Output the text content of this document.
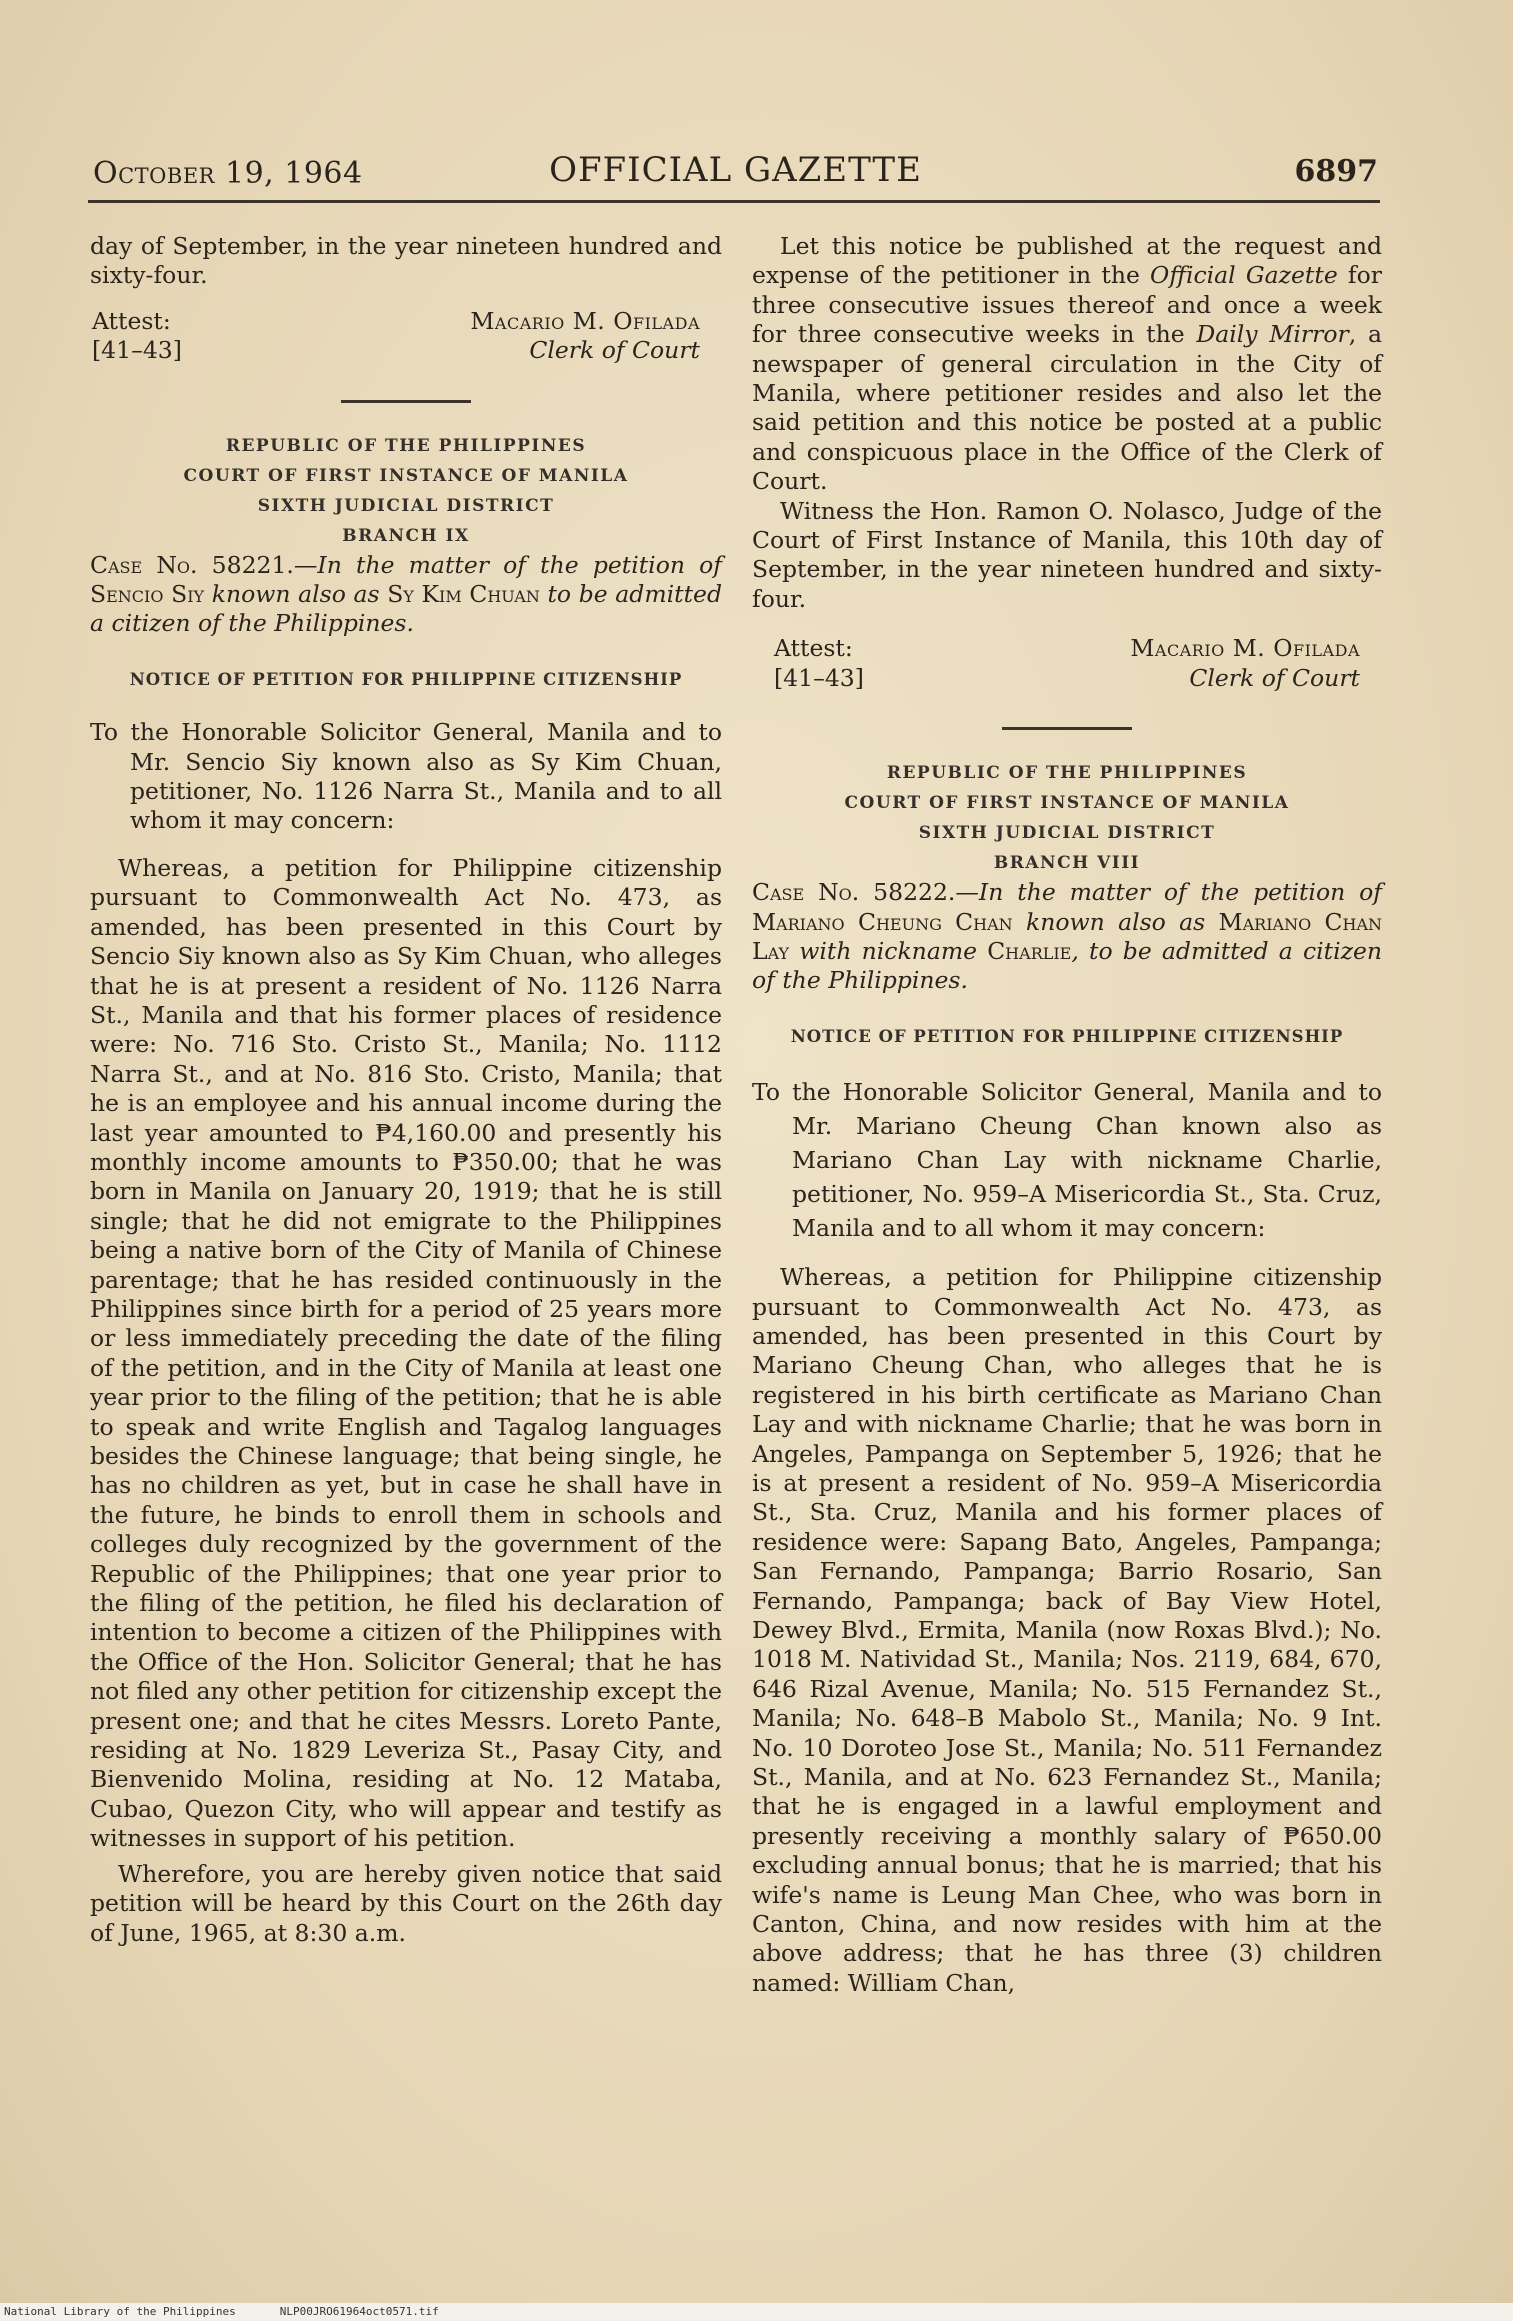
October 19, 1964	OFFICIAL GAZETTE	6897

day of September, in the year nineteen hundred and sixty-four.

Attest:
[41–43]
Macario M. Ofilada
Clerk of Court
REPUBLIC OF THE PHILIPPINES
COURT OF FIRST INSTANCE OF MANILA
SIXTH JUDICIAL DISTRICT
BRANCH IX

Case No. 58221.—In the matter of the petition of Sencio Siy known also as Sy Kim Chuan to be admitted a citizen of the Philippines.

NOTICE OF PETITION FOR PHILIPPINE CITIZENSHIP

To the Honorable Solicitor General, Manila and to Mr. Sencio Siy known also as Sy Kim Chuan, petitioner, No. 1126 Narra St., Manila and to all whom it may concern:

Whereas, a petition for Philippine citizenship pursuant to Commonwealth Act No. 473, as amended, has been presented in this Court by Sencio Siy known also as Sy Kim Chuan, who alleges that he is at present a resident of No. 1126 Narra St., Manila and that his former places of residence were: No. 716 Sto. Cristo St., Manila; No. 1112 Narra St., and at No. 816 Sto. Cristo, Manila; that he is an employee and his annual income during the last year amounted to ₱4,160.00 and presently his monthly income amounts to ₱350.00; that he was born in Manila on January 20, 1919; that he is still single; that he did not emigrate to the Philippines being a native born of the City of Manila of Chinese parentage; that he has resided continuously in the Philippines since birth for a period of 25 years more or less immediately preceding the date of the filing of the petition, and in the City of Manila at least one year prior to the filing of the petition; that he is able to speak and write English and Tagalog languages besides the Chinese language; that being single, he has no children as yet, but in case he shall have in the future, he binds to enroll them in schools and colleges duly recognized by the government of the Republic of the Philippines; that one year prior to the filing of the petition, he filed his declaration of intention to become a citizen of the Philippines with the Office of the Hon. Solicitor General; that he has not filed any other petition for citizenship except the present one; and that he cites Messrs. Loreto Pante, residing at No. 1829 Leveriza St., Pasay City, and Bienvenido Molina, residing at No. 12 Mataba, Cubao, Quezon City, who will appear and testify as witnesses in support of his petition.

Wherefore, you are hereby given notice that said petition will be heard by this Court on the 26th day of June, 1965, at 8:30 a.m.

Let this notice be published at the request and expense of the petitioner in the Official Gazette for three consecutive issues thereof and once a week for three consecutive weeks in the Daily Mirror, a newspaper of general circulation in the City of Manila, where petitioner resides and also let the said petition and this notice be posted at a public and conspicuous place in the Office of the Clerk of Court.

Witness the Hon. Ramon O. Nolasco, Judge of the Court of First Instance of Manila, this 10th day of September, in the year nineteen hundred and sixty-four.

Attest:
[41–43]
Macario M. Ofilada
Clerk of Court
REPUBLIC OF THE PHILIPPINES
COURT OF FIRST INSTANCE OF MANILA
SIXTH JUDICIAL DISTRICT
BRANCH VIII

Case No. 58222.—In the matter of the petition of Mariano Cheung Chan known also as Mariano Chan Lay with nickname Charlie, to be admitted a citizen of the Philippines.

NOTICE OF PETITION FOR PHILIPPINE CITIZENSHIP

To the Honorable Solicitor General, Manila and to Mr. Mariano Cheung Chan known also as Mariano Chan Lay with nickname Charlie, petitioner, No. 959–A Misericordia St., Sta. Cruz, Manila and to all whom it may concern:

Whereas, a petition for Philippine citizenship pursuant to Commonwealth Act No. 473, as amended, has been presented in this Court by Mariano Cheung Chan, who alleges that he is registered in his birth certificate as Mariano Chan Lay and with nickname Charlie; that he was born in Angeles, Pampanga on September 5, 1926; that he is at present a resident of No. 959–A Misericordia St., Sta. Cruz, Manila and his former places of residence were: Sapang Bato, Angeles, Pampanga; San Fernando, Pampanga; Barrio Rosario, San Fernando, Pampanga; back of Bay View Hotel, Dewey Blvd., Ermita, Manila (now Roxas Blvd.); No. 1018 M. Natividad St., Manila; Nos. 2119, 684, 670, 646 Rizal Avenue, Manila; No. 515 Fernandez St., Manila; No. 648–B Mabolo St., Manila; No. 9 Int. No. 10 Doroteo Jose St., Manila; No. 511 Fernandez St., Manila, and at No. 623 Fernandez St., Manila; that he is engaged in a lawful employment and presently receiving a monthly salary of ₱650.00 excluding annual bonus; that he is married; that his wife's name is Leung Man Chee, who was born in Canton, China, and now resides with him at the above address; that he has three (3) children named: William Chan,

National Library of the Philippines	NLP00JRO61964oct0571.tif
